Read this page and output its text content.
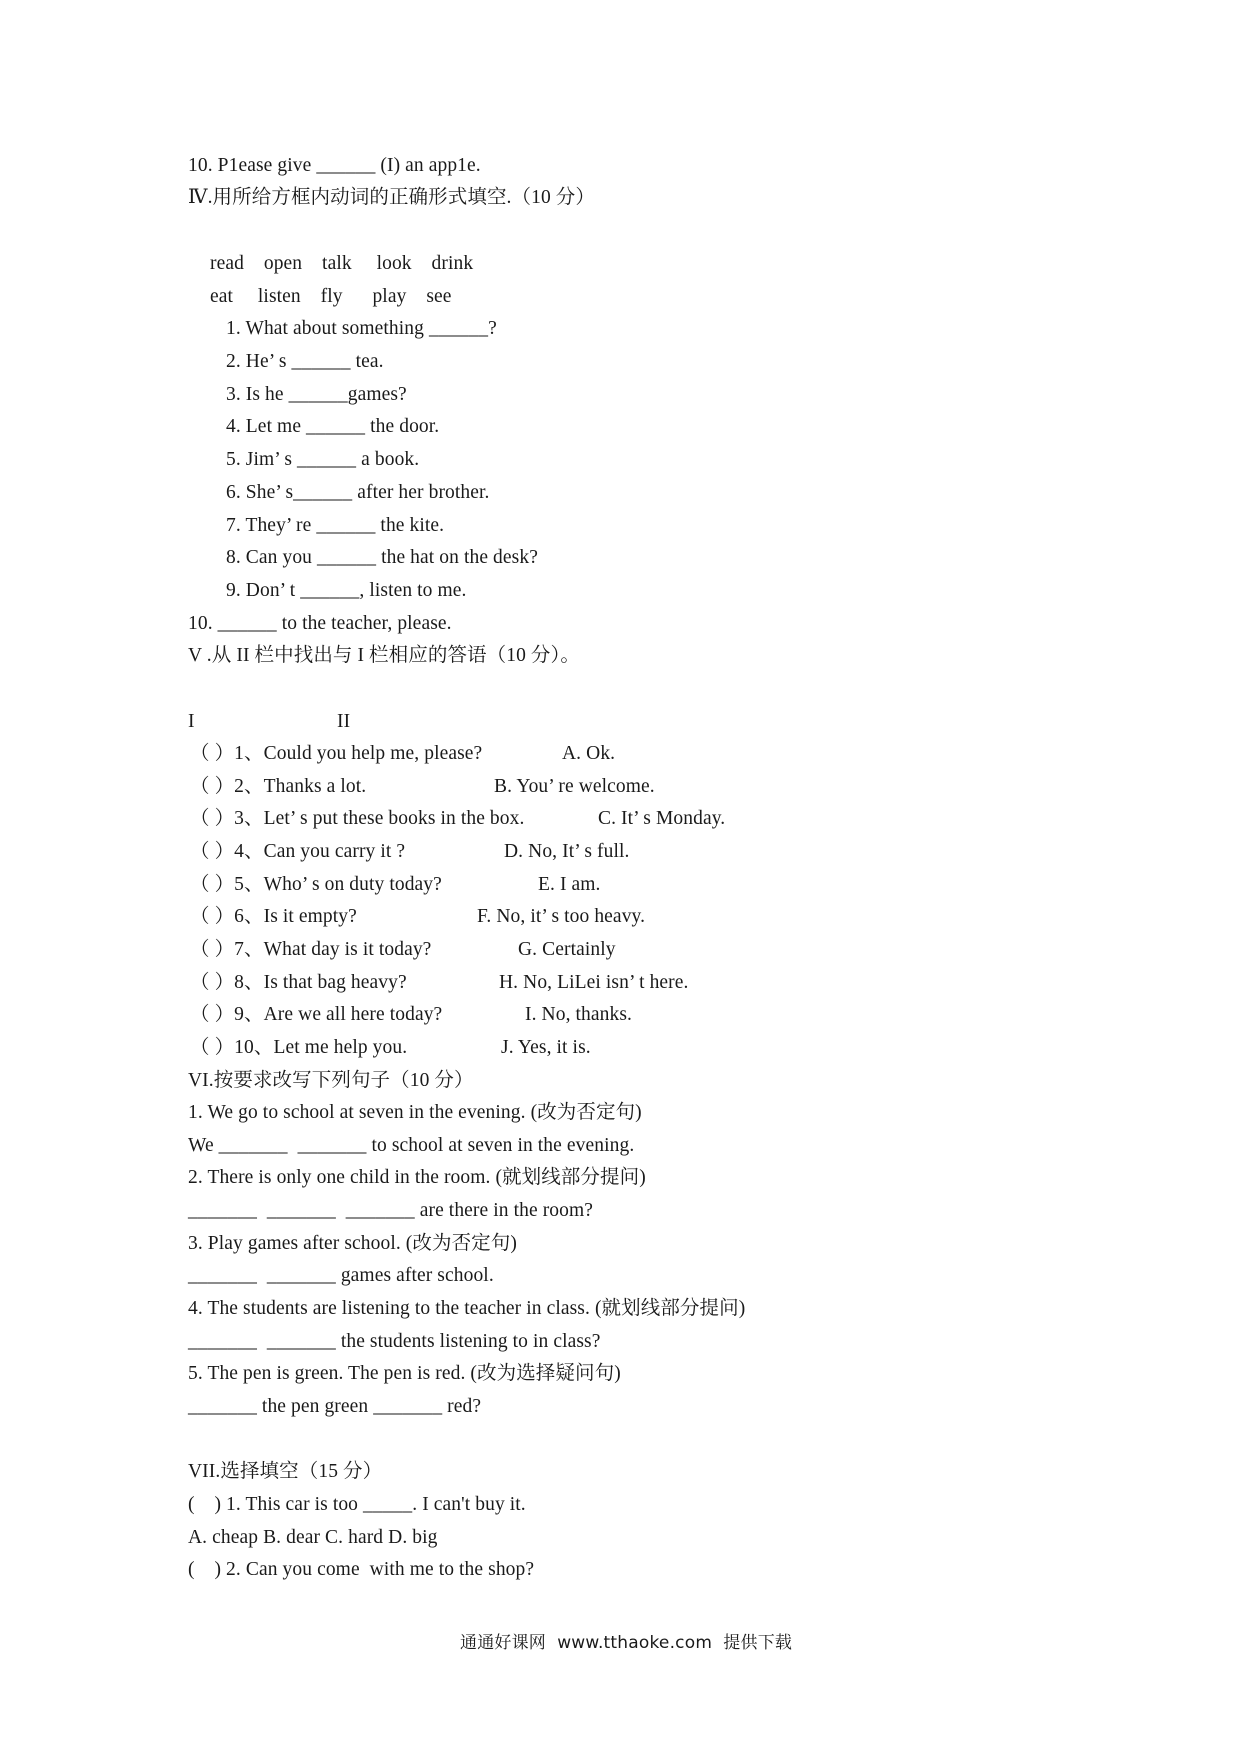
10. P1ease give ______ (I) an app1e.
Ⅳ.用所给方框内动词的正确形式填空.（10 分）
read    open    talk     look    drink
eat     listen    fly      play    see
1. What about something ______?
2. He’ s ______ tea.
3. Is he ______games?
4. Let me ______ the door.
5. Jim’ s ______ a book.
6. She’ s______ after her brother.
7. They’ re ______ the kite.
8. Can you ______ the hat on the desk?
9. Don’ t ______, listen to me.
10. ______ to the teacher, please.
V .从 II 栏中找出与 I 栏相应的答语（10 分）。
I	II
（ ）1、Could you help me, please?	A. Ok.
（ ）2、Thanks a lot.	B. You’ re welcome.
（ ）3、Let’ s put these books in the box.	C. It’ s Monday.
（ ）4、Can you carry it ?	D. No, It’ s full.
（ ）5、Who’ s on duty today?	E. I am.
（ ）6、Is it empty?	F. No, it’ s too heavy.
（ ）7、What day is it today?	G. Certainly
（ ）8、Is that bag heavy?	H. No, LiLei isn’ t here.
（ ）9、Are we all here today?	I. No, thanks.
（ ）10、Let me help you.	J. Yes, it is.
VI.按要求改写下列句子（10 分）
1. We go to school at seven in the evening. (改为否定句)
We _______  _______ to school at seven in the evening.
2. There is only one child in the room. (就划线部分提问)
_______  _______  _______ are there in the room?
3. Play games after school. (改为否定句)
_______  _______ games after school.
4. The students are listening to the teacher in class. (就划线部分提问)
_______  _______ the students listening to in class?
5. The pen is green. The pen is red. (改为选择疑问句)
_______ the pen green _______ red?
VII.选择填空（15 分）
(    ) 1. This car is too _____. I can't buy it.
A. cheap B. dear C. hard D. big
(    ) 2. Can you come  with me to the shop?
通通好课网  www.tthaoke.com  提供下载
